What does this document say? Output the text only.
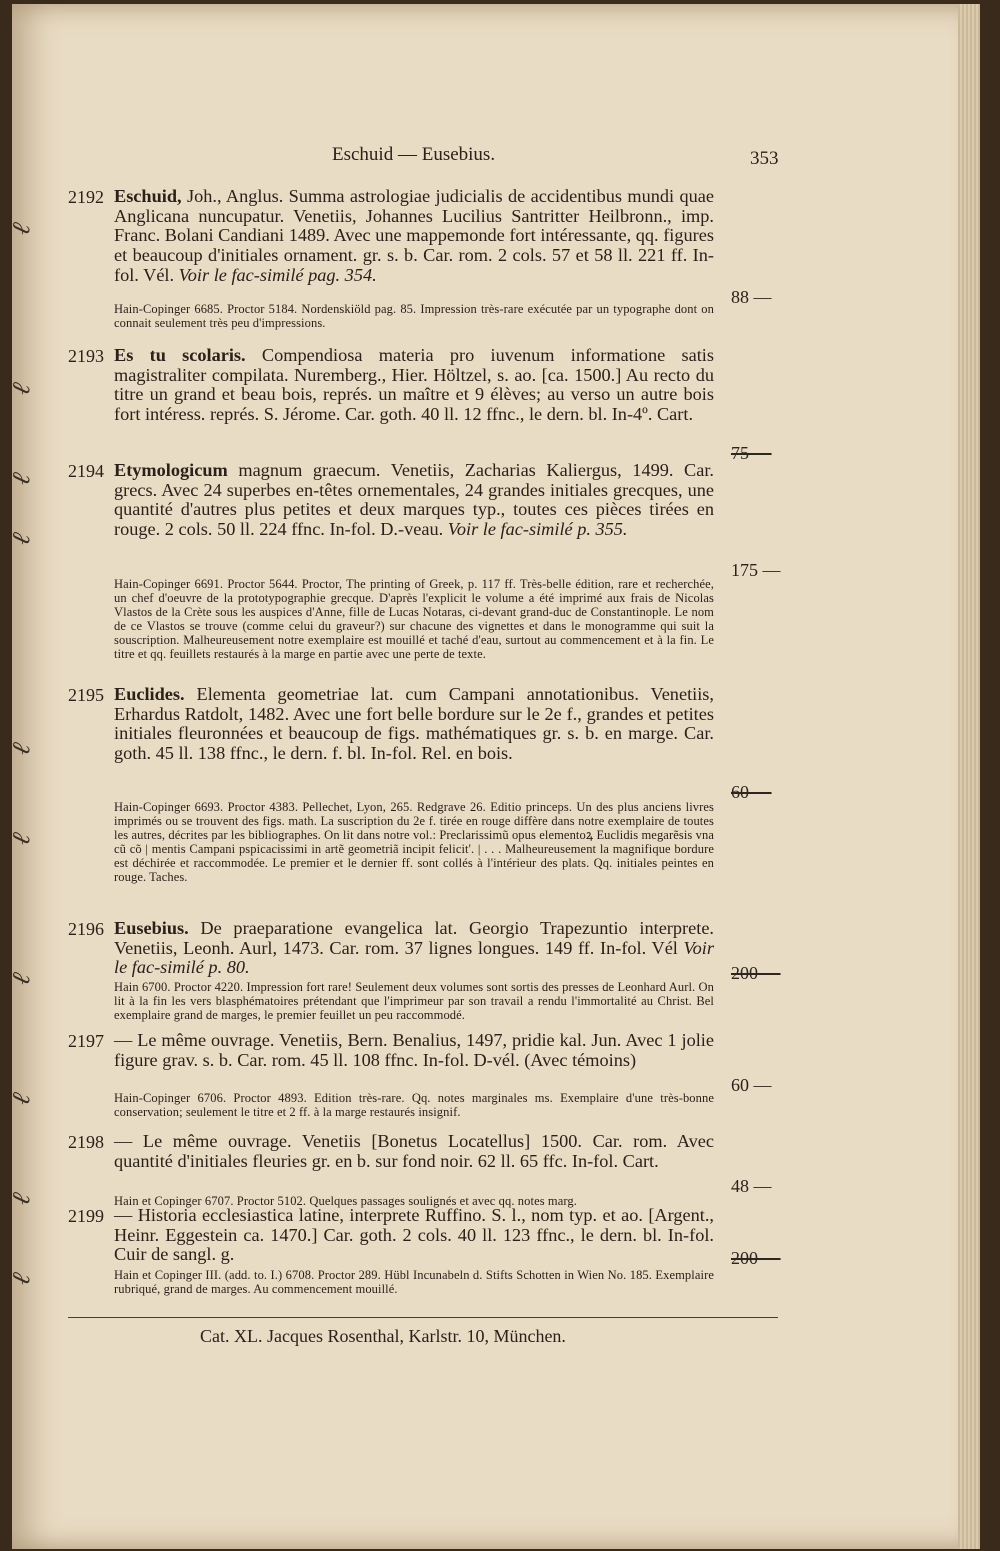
ℓ
ℓ
ℓ
ℓ
ℓ
ℓ
ℓ
ℓ
ℓ
ℓ
Eschuid — Eusebius.	353
2192 Eschuid, Joh., Anglus. Summa astrologiae judicialis de accidentibus mundi quae Anglicana nuncupatur. Venetiis, Johannes Lucilius Santritter Heilbronn., imp. Franc. Bolani Candiani 1489. Avec une mappemonde fort intéressante, qq. figures et beaucoup d'initiales ornament. gr. s. b. Car. rom. 2 cols. 57 et 58 ll. 221 ff. In-fol. Vél. Voir le fac-similé pag. 354.
Hain-Copinger 6685. Proctor 5184. Nordenskiöld pag. 85. Impression très-rare exécutée par un typographe dont on connait seulement très peu d'impressions.
88 —
2193 Es tu scolaris. Compendiosa materia pro iuvenum informatione satis magistraliter compilata. Nuremberg., Hier. Höltzel, s. ao. [ca. 1500.] Au recto du titre un grand et beau bois, représ. un maître et 9 élèves; au verso un autre bois fort intéress. représ. S. Jérome. Car. goth. 40 ll. 12 ffnc., le dern. bl. In-4º. Cart.
75 —
2194 Etymologicum magnum graecum. Venetiis, Zacharias Kaliergus, 1499. Car. grecs. Avec 24 superbes en-têtes ornementales, 24 grandes initiales grecques, une quantité d'autres plus petites et deux marques typ., toutes ces pièces tirées en rouge. 2 cols. 50 ll. 224 ffnc. In-fol. D.-veau. Voir le fac-similé p. 355.
Hain-Copinger 6691. Proctor 5644. Proctor, The printing of Greek, p. 117 ff. Très-belle édition, rare et recherchée, un chef d'oeuvre de la prototypographie grecque. D'après l'explicit le volume a été imprimé aux frais de Nicolas Vlastos de la Crète sous les auspices d'Anne, fille de Lucas Notaras, ci-devant grand-duc de Constantinople. Le nom de ce Vlastos se trouve (comme celui du graveur?) sur chacune des vignettes et dans le monogramme qui suit la souscription. Malheureusement notre exemplaire est mouillé et taché d'eau, surtout au commencement et à la fin. Le titre et qq. feuillets restaurés à la marge en partie avec une perte de texte.
175 —
2195 Euclides. Elementa geometriae lat. cum Campani annotationibus. Venetiis, Erhardus Ratdolt, 1482. Avec une fort belle bordure sur le 2e f., grandes et petites initiales fleuronnées et beaucoup de figs. mathématiques gr. s. b. en marge. Car. goth. 45 ll. 138 ffnc., le dern. f. bl. In-fol. Rel. en bois.
Hain-Copinger 6693. Proctor 4383. Pellechet, Lyon, 265. Redgrave 26. Editio princeps. Un des plus anciens livres imprimés ou se trouvent des figs. math. La suscription du 2e f. tirée en rouge diffère dans notre exemplaire de toutes les autres, décrites par les bibliographes. On lit dans notre vol.: Preclarissimũ opus elementoꝝ Euclidis megarẽsis vna cũ cõ | mentis Campani pspicacissimi in artẽ geometriã incipit felicit'. | . . . Malheureusement la magnifique bordure est déchirée et raccommodée. Le premier et le dernier ff. sont collés à l'intérieur des plats. Qq. initiales peintes en rouge. Taches.
60 —
2196 Eusebius. De praeparatione evangelica lat. Georgio Trapezuntio interprete. Venetiis, Leonh. Aurl, 1473. Car. rom. 37 lignes longues. 149 ff. In-fol. Vél Voir le fac-similé p. 80.
Hain 6700. Proctor 4220. Impression fort rare! Seulement deux volumes sont sortis des presses de Leonhard Aurl. On lit à la fin les vers blasphématoires prétendant que l'imprimeur par son travail a rendu l'immortalité au Christ. Bel exemplaire grand de marges, le premier feuillet un peu raccommodé.
200 —
2197 — Le même ouvrage. Venetiis, Bern. Benalius, 1497, pridie kal. Jun. Avec 1 jolie figure grav. s. b. Car. rom. 45 ll. 108 ffnc. In-fol. D-vél. (Avec témoins)
Hain-Copinger 6706. Proctor 4893. Edition très-rare. Qq. notes marginales ms. Exemplaire d'une très-bonne conservation; seulement le titre et 2 ff. à la marge restaurés insignif.
60 —
2198 — Le même ouvrage. Venetiis [Bonetus Locatellus] 1500. Car. rom. Avec quantité d'initiales fleuries gr. en b. sur fond noir. 62 ll. 65 ffc. In-fol. Cart.
Hain et Copinger 6707. Proctor 5102. Quelques passages soulignés et avec qq. notes marg.
48 —
2199 — Historia ecclesiastica latine, interprete Ruffino. S. l., nom typ. et ao. [Argent., Heinr. Eggestein ca. 1470.] Car. goth. 2 cols. 40 ll. 123 ffnc., le dern. bl. In-fol. Cuir de sangl. g.
Hain et Copinger III. (add. to. I.) 6708. Proctor 289. Hübl Incunabeln d. Stifts Schotten in Wien No. 185. Exemplaire rubriqué, grand de marges. Au commencement mouillé.
200 —
Cat. XL. Jacques Rosenthal, Karlstr. 10, München.
